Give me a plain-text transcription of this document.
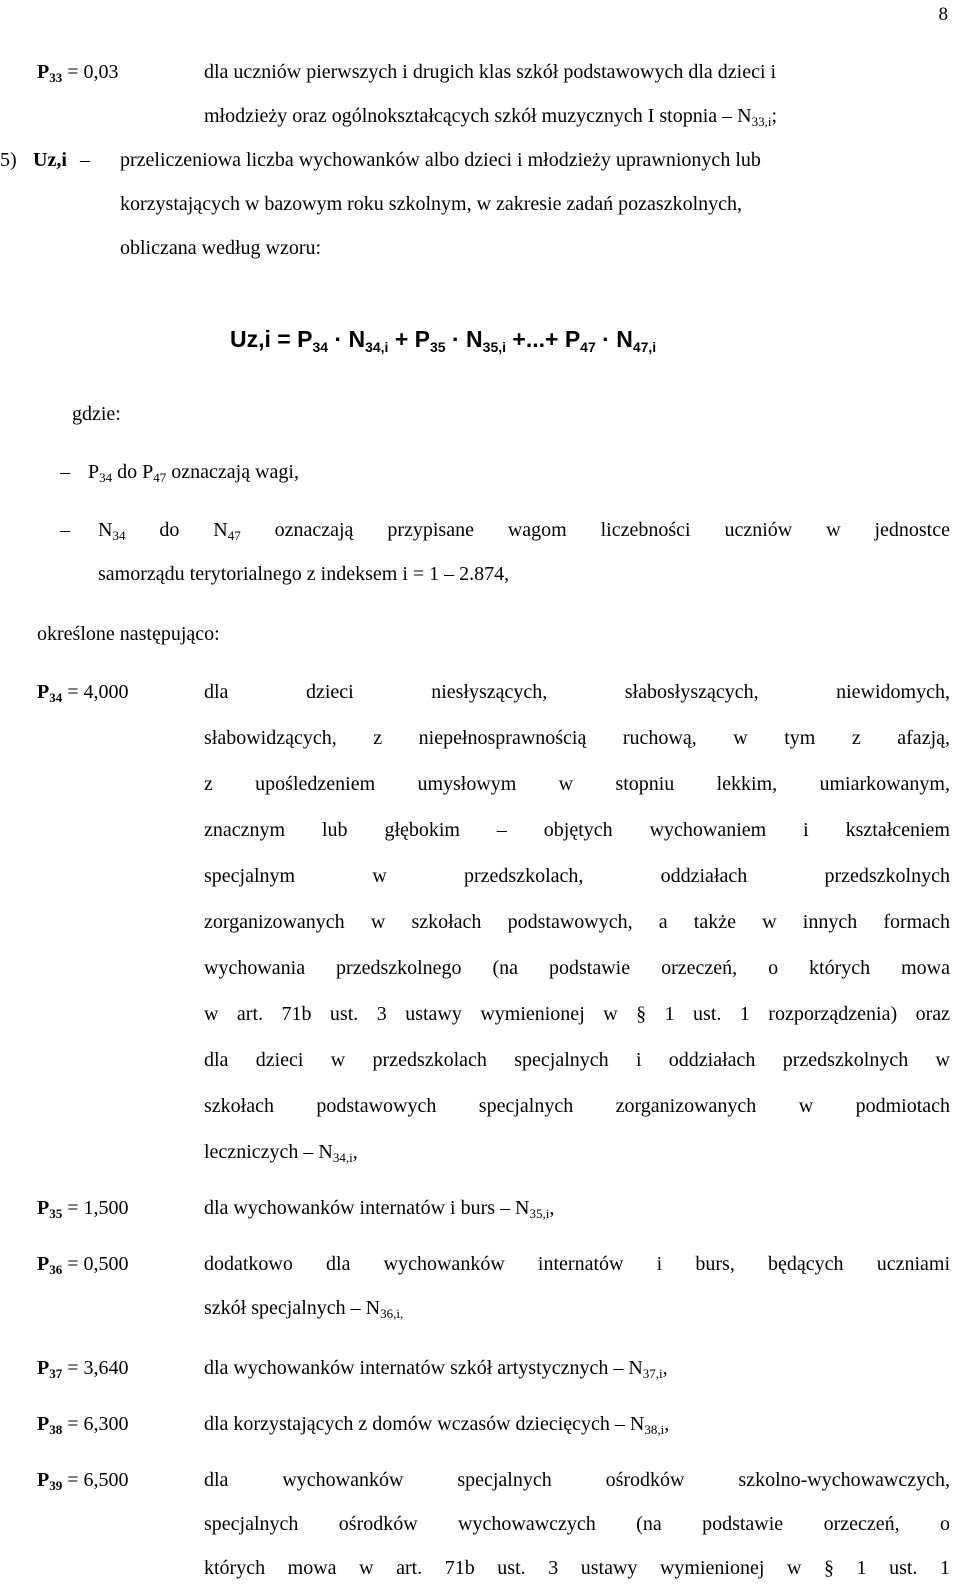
8
$P_{33} = 0,03$	dla uczniów pierwszych i drugich klas szkół podstawowych dla dzieci i
młodzieży oraz ogólnokształcących szkół muzycznych I stopnia – $N_{33,i}$;
5) Uz,i – przeliczeniowa liczba wychowanków albo dzieci i młodzieży uprawnionych lub
korzystających w bazowym roku szkolnym, w zakresie zadań pozaszkolnych,
obliczana według wzoru:
$Uz,i = P_{34} \cdot N_{34,i} + P_{35} \cdot N_{35,i}$ +...+ $P_{47} \cdot N_{47,i}$
gdzie:
– $P_{34}$ do $P_{47}$ oznaczają wagi,
– $N_{34}$ do $N_{47}$ oznaczają przypisane wagom liczebności uczniów w jednostce
samorządu terytorialnego z indeksem i = 1 – 2.874,
określone następująco:
$P_{34} = 4,000$	dla dzieci niesłyszących, słabosłyszących, niewidomych,
słabowidzących, z niepełnosprawnością ruchową, w tym z afazją,
z upośledzeniem umysłowym w stopniu lekkim, umiarkowanym,
znacznym lub głębokim – objętych wychowaniem i kształceniem
specjalnym w przedszkolach, oddziałach przedszkolnych
zorganizowanych w szkołach podstawowych, a także w innych formach
wychowania przedszkolnego (na podstawie orzeczeń, o których mowa
w art. 71b ust. 3 ustawy wymienionej w § 1 ust. 1 rozporządzenia) oraz
dla dzieci w przedszkolach specjalnych i oddziałach przedszkolnych w
szkołach podstawowych specjalnych zorganizowanych w podmiotach
leczniczych – $N_{34,i}$,
$P_{35} = 1,500$	dla wychowanków internatów i burs – $N_{35,i}$,
$P_{36} = 0,500$	dodatkowo dla wychowanków internatów i burs, będących uczniami
szkół specjalnych – $N_{36,i,}$
$P_{37} = 3,640$	dla wychowanków internatów szkół artystycznych – $N_{37,i}$,
$P_{38} = 6,300$	dla korzystających z domów wczasów dziecięcych – $N_{38,i}$,
$P_{39} = 6,500$	dla wychowanków specjalnych ośrodków szkolno-wychowawczych,
specjalnych ośrodków wychowawczych (na podstawie orzeczeń, o
których mowa w art. 71b ust. 3 ustawy wymienionej w § 1 ust. 1
